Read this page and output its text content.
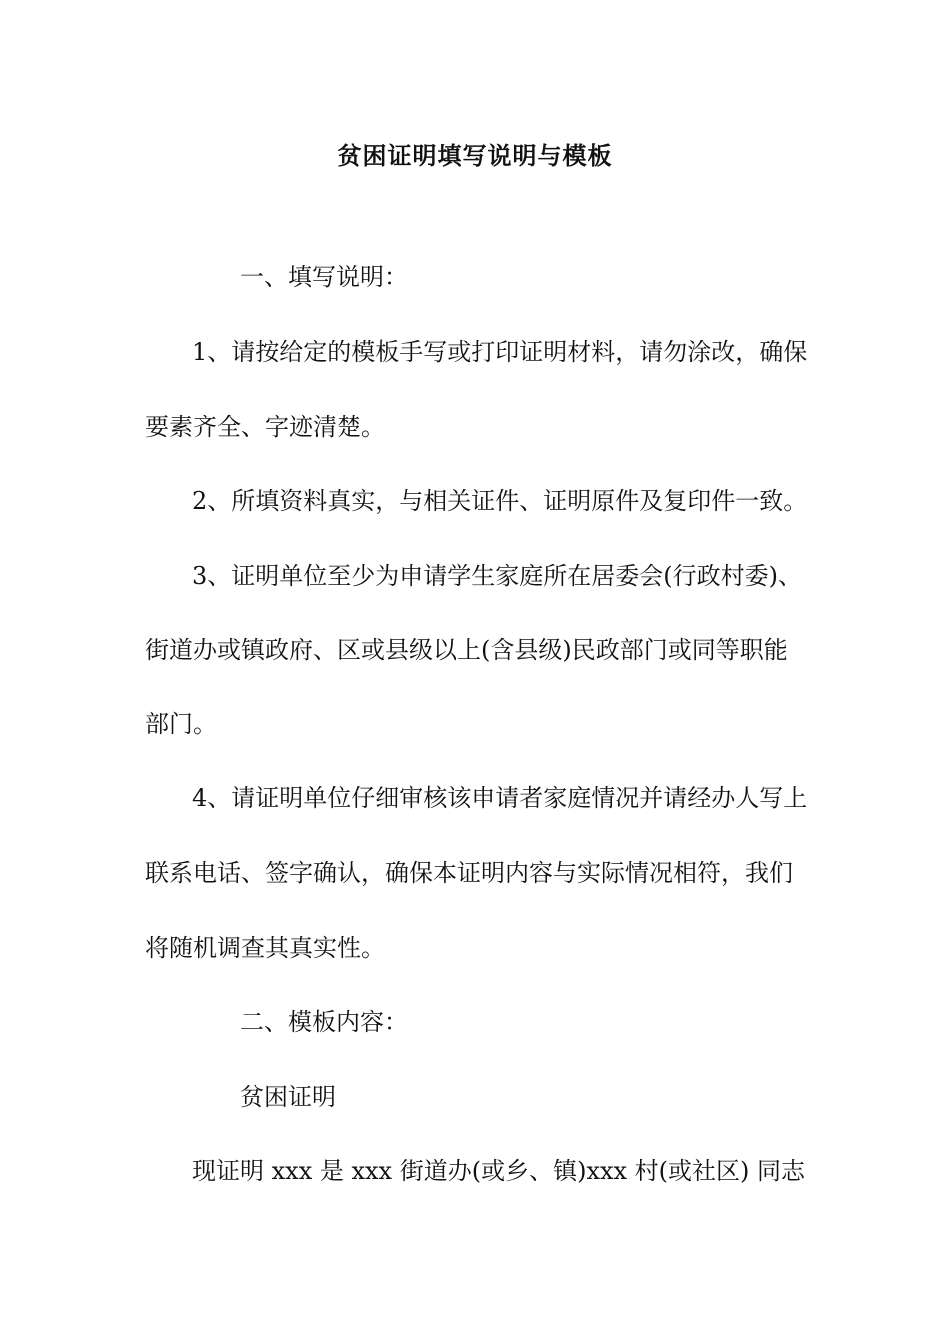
贫困证明填写说明与模板
一、填写说明：
1、请按给定的模板手写或打印证明材料，请勿涂改，确保
要素齐全、字迹清楚。
2、所填资料真实，与相关证件、证明原件及复印件一致。
3、证明单位至少为申请学生家庭所在居委会(行政村委)、
街道办或镇政府、区或县级以上(含县级)民政部门或同等职能
部门。
4、请证明单位仔细审核该申请者家庭情况并请经办人写上
联系电话、签字确认，确保本证明内容与实际情况相符，我们
将随机调查其真实性。
二、模板内容：
贫困证明
现证明 xxx 是 xxx 街道办(或乡、镇)xxx 村(或社区) 同志
